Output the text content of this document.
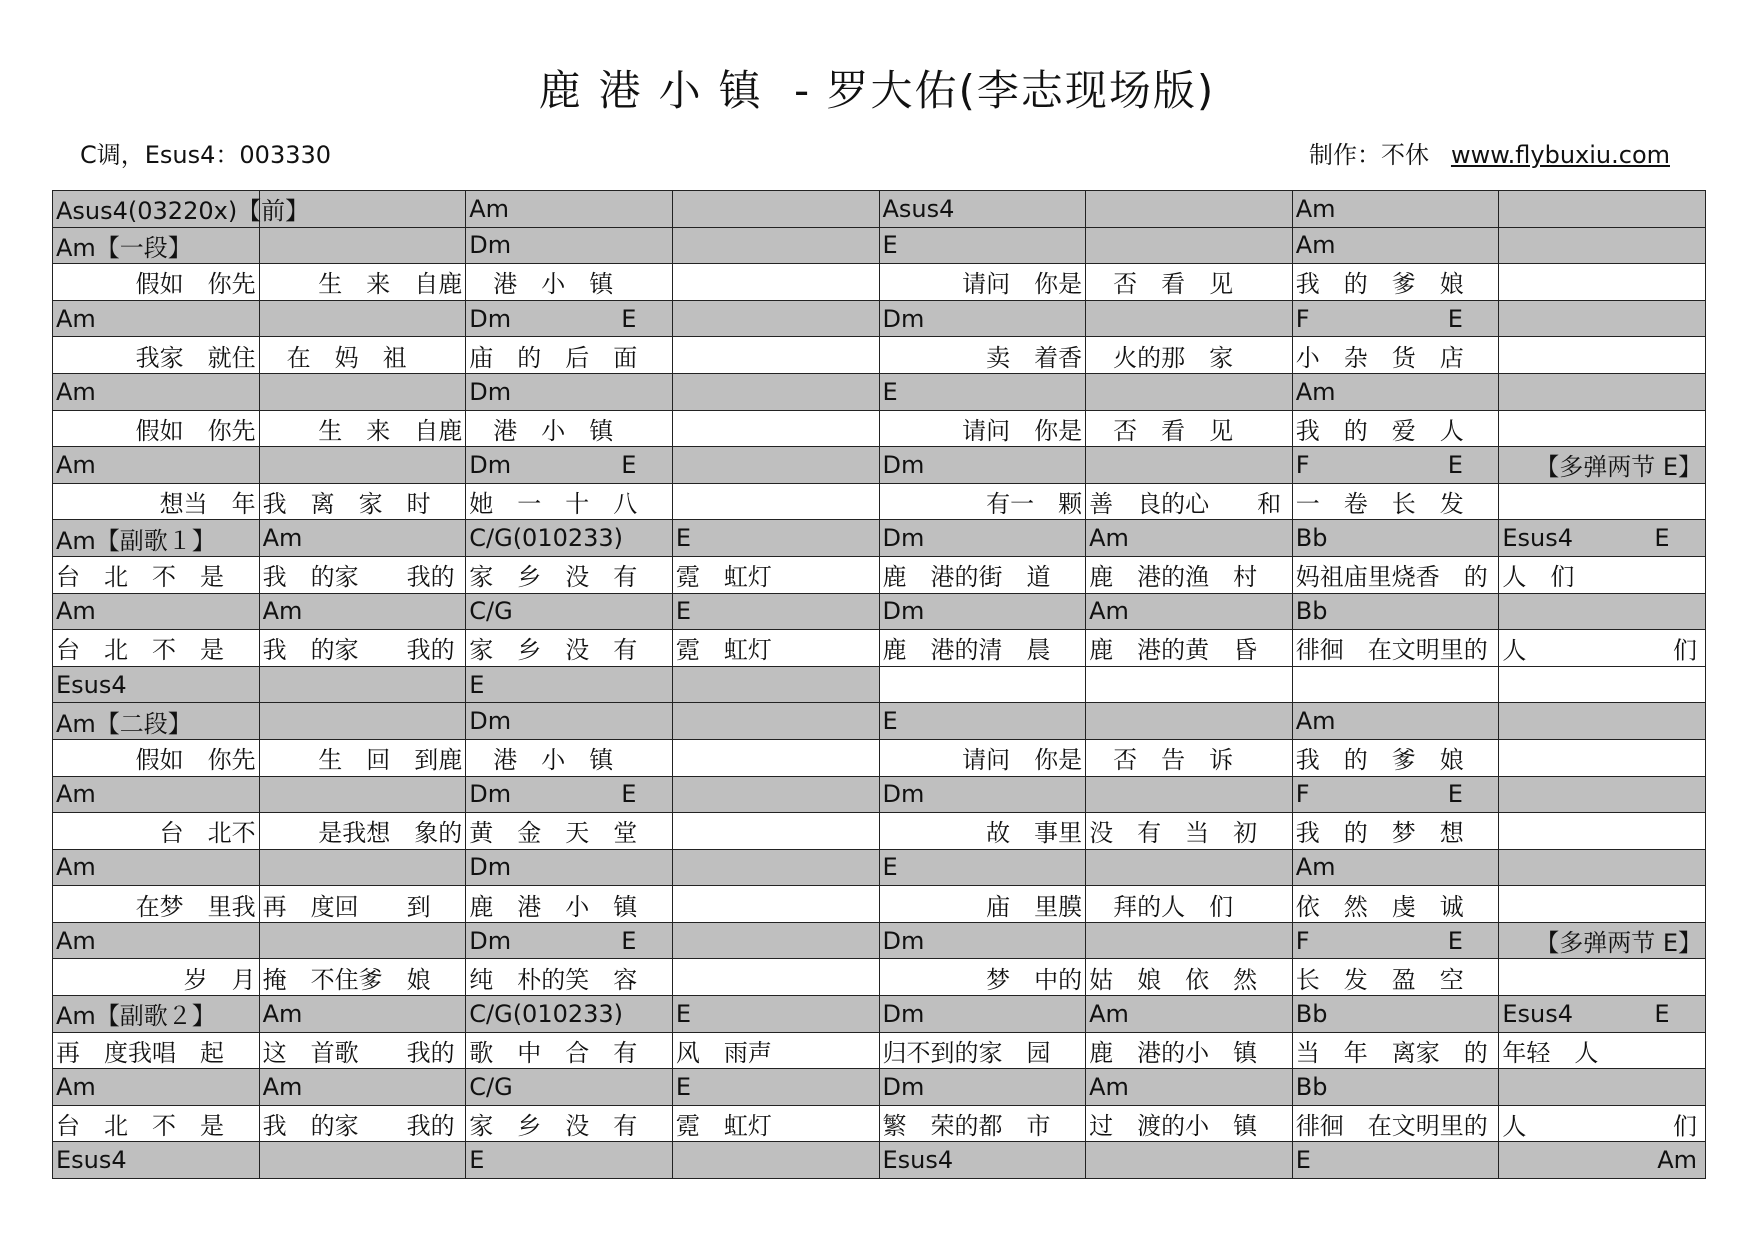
鹿港小镇 - 罗大佑(李志现场版)
C调，Esus4：003330	制作：不休 www.flybuxiu.com
Asus4(03220x)【前】		Am		Asus4		Am	
Am【一段】		Dm		E		Am	
　　假如　你先	　生　来　自鹿	　港　小　镇		请问　你是	　否　看　见	我　的　爹　娘	
Am		Dm E		Dm		F E	

我家　就住	　在　妈　祖	庙　的　后　面		卖　着香	　火的那　家	小　杂　货　店	
Am		Dm		E		Am	
　　假如　你先	　生　来　自鹿	　港　小　镇		请问　你是	　否　看　见	我　的　爱　人	
Am		Dm E		Dm		F E	【多弹两节 E】
想当　年	我　离　家　时	她　一　十　八		有一　颗	善　良的心　　和	一　卷　长　发	
Am【副歌１】	Am	C/G(010233)	E	Dm	Am	Bb	Esus4 E

台　北　不　是	我　的家　　我的	家　乡　没　有	霓　虹灯	鹿　港的街　道	鹿　港的渔　村	妈祖庙里烧香　的	人　们
Am	Am	C/G	E	Dm	Am	Bb	
台　北　不　是	我　的家　　我的	家　乡　没　有	霓　虹灯	鹿　港的清　晨	鹿　港的黄　昏	徘徊　在文明里的	人 们

Esus4		E					
Am【二段】		Dm		E		Am	
　　假如　你先	　生　回　到鹿	　港　小　镇		请问　你是	　否　告　诉	我　的　爹　娘	
Am		Dm E		Dm		F E	

台　北不	是我想　象的	黄　金　天　堂		故　事里	没　有　当　初	我　的　梦　想	
Am		Dm		E		Am	
在梦　里我	再　度回　　到	鹿　港　小　镇		庙　里膜	　拜的人　们	依　然　虔　诚	
Am		Dm E		Dm		F E	【多弹两节 E】
岁　月	掩　不住爹　娘	纯　朴的笑　容		梦　中的	姑　娘　依　然	长　发　盈　空	
Am【副歌２】	Am	C/G(010233)	E	Dm	Am	Bb	Esus4 E

再　度我唱　起	这　首歌　　我的	歌　中　合　有	风　雨声	归不到的家　园	鹿　港的小　镇	当　年　离家　的	年轻　人
Am	Am	C/G	E	Dm	Am	Bb	
台　北　不　是	我　的家　　我的	家　乡　没　有	霓　虹灯	繁　荣的都　市	过　渡的小　镇	徘徊　在文明里的	人 们

Esus4		E		Esus4		E	Am
